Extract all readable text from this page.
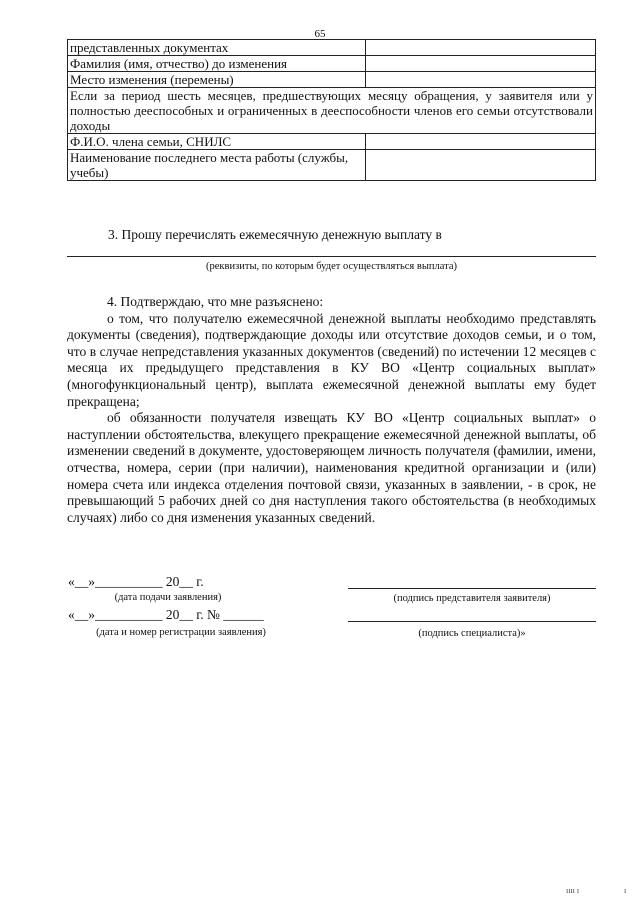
65
представленных документах	
Фамилия (имя, отчество) до изменения	
Место изменения (перемены)	
Если за период шесть месяцев, предшествующих месяцу обращения, у заявителя или у полностью дееспособных и ограниченных в дееспособности членов его семьи отсутствовали доходы	
Ф.И.О. члена семьи, СНИЛС	
Наименование последнего места работы (службы, учебы)	
3. Прошу перечислять ежемесячную денежную выплату в
(реквизиты, по которым будет осуществляться выплата)

4. Подтверждаю, что мне разъяснено:

о том, что получателю ежемесячной денежной выплаты необходимо представлять документы (сведения), подтверждающие доходы или отсутствие доходов семьи, и о том, что в случае непредставления указанных документов (сведений) по истечении 12 месяцев с месяца их предыдущего представления в КУ ВО «Центр социальных выплат» (многофункциональный центр), выплата ежемесячной денежной выплаты ему будет прекращена;

об обязанности получателя извещать КУ ВО «Центр социальных выплат» о наступлении обстоятельства, влекущего прекращение ежемесячной денежной выплаты, об изменении сведений в документе, удостоверяющем личность получателя (фамилии, имени, отчества, номера, серии (при наличии), наименования кредитной организации и (или) номера счета или индекса отделения почтовой связи, указанных в заявлении, - в срок, не превышающий 5 рабочих дней со дня наступления такого обстоятельства (в необходимых случаях) либо со дня изменения указанных сведений.

«__»__________ 20__ г.
(дата подачи заявления)	(подпись представителя заявителя)
«__»__________ 20__ г. № ______
(дата и номер регистрации заявления)	(подпись специалиста)»
ıııı ı	ı
